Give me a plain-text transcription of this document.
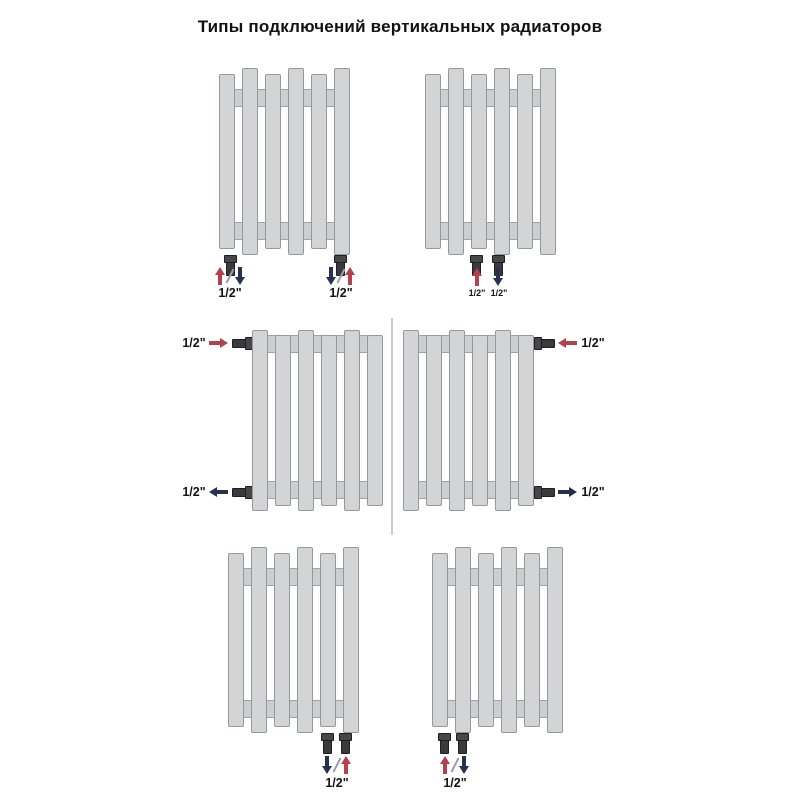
Типы подключений вертикальных радиаторов
1/2"	1/2"	1/2" 1/2"
1/2"
1/2"
1/2"
1/2"
1/2"	1/2"
